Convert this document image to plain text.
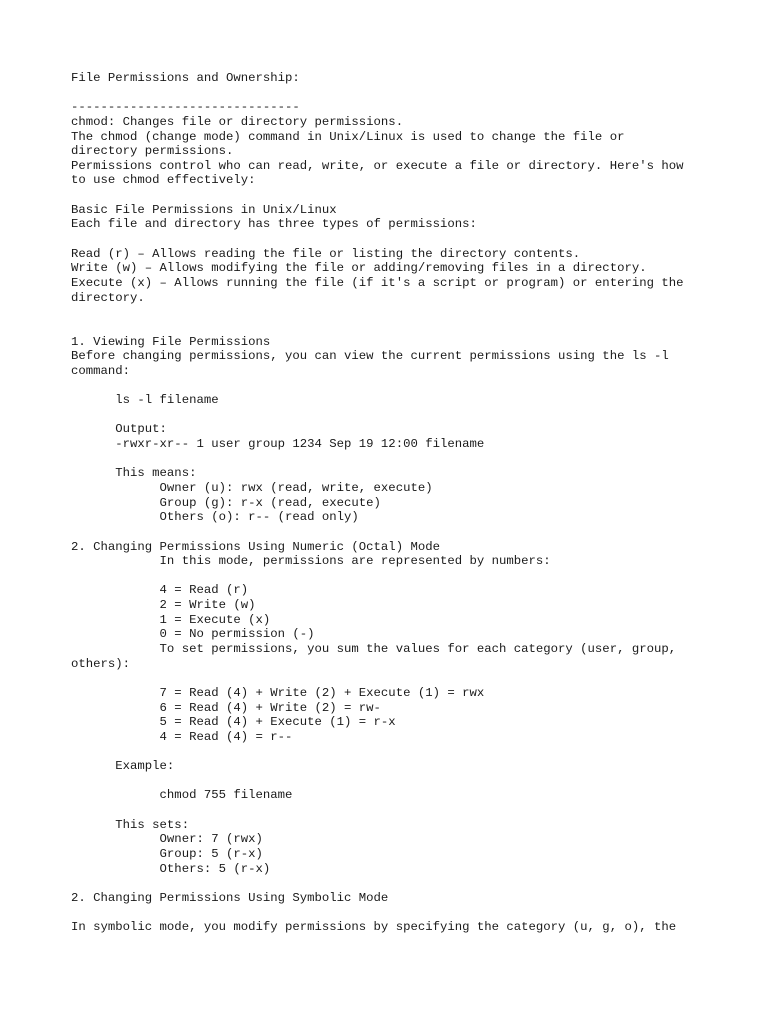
File Permissions and Ownership:

-------------------------------
chmod: Changes file or directory permissions.
The chmod (change mode) command in Unix/Linux is used to change the file or
directory permissions.
Permissions control who can read, write, or execute a file or directory. Here's how
to use chmod effectively:

Basic File Permissions in Unix/Linux
Each file and directory has three types of permissions:

Read (r) – Allows reading the file or listing the directory contents.
Write (w) – Allows modifying the file or adding/removing files in a directory.
Execute (x) – Allows running the file (if it's a script or program) or entering the
directory.

1. Viewing File Permissions
Before changing permissions, you can view the current permissions using the ls -l
command:

ls -l filename

Output:
-rwxr-xr-- 1 user group 1234 Sep 19 12:00 filename

This means:
Owner (u): rwx (read, write, execute)
Group (g): r-x (read, execute)
Others (o): r-- (read only)

2. Changing Permissions Using Numeric (Octal) Mode
In this mode, permissions are represented by numbers:

4 = Read (r)
2 = Write (w)
1 = Execute (x)
0 = No permission (-)
To set permissions, you sum the values for each category (user, group,
others):

7 = Read (4) + Write (2) + Execute (1) = rwx
6 = Read (4) + Write (2) = rw-
5 = Read (4) + Execute (1) = r-x
4 = Read (4) = r--

Example:

chmod 755 filename

This sets:
Owner: 7 (rwx)
Group: 5 (r-x)
Others: 5 (r-x)

2. Changing Permissions Using Symbolic Mode

In symbolic mode, you modify permissions by specifying the category (u, g, o), the
